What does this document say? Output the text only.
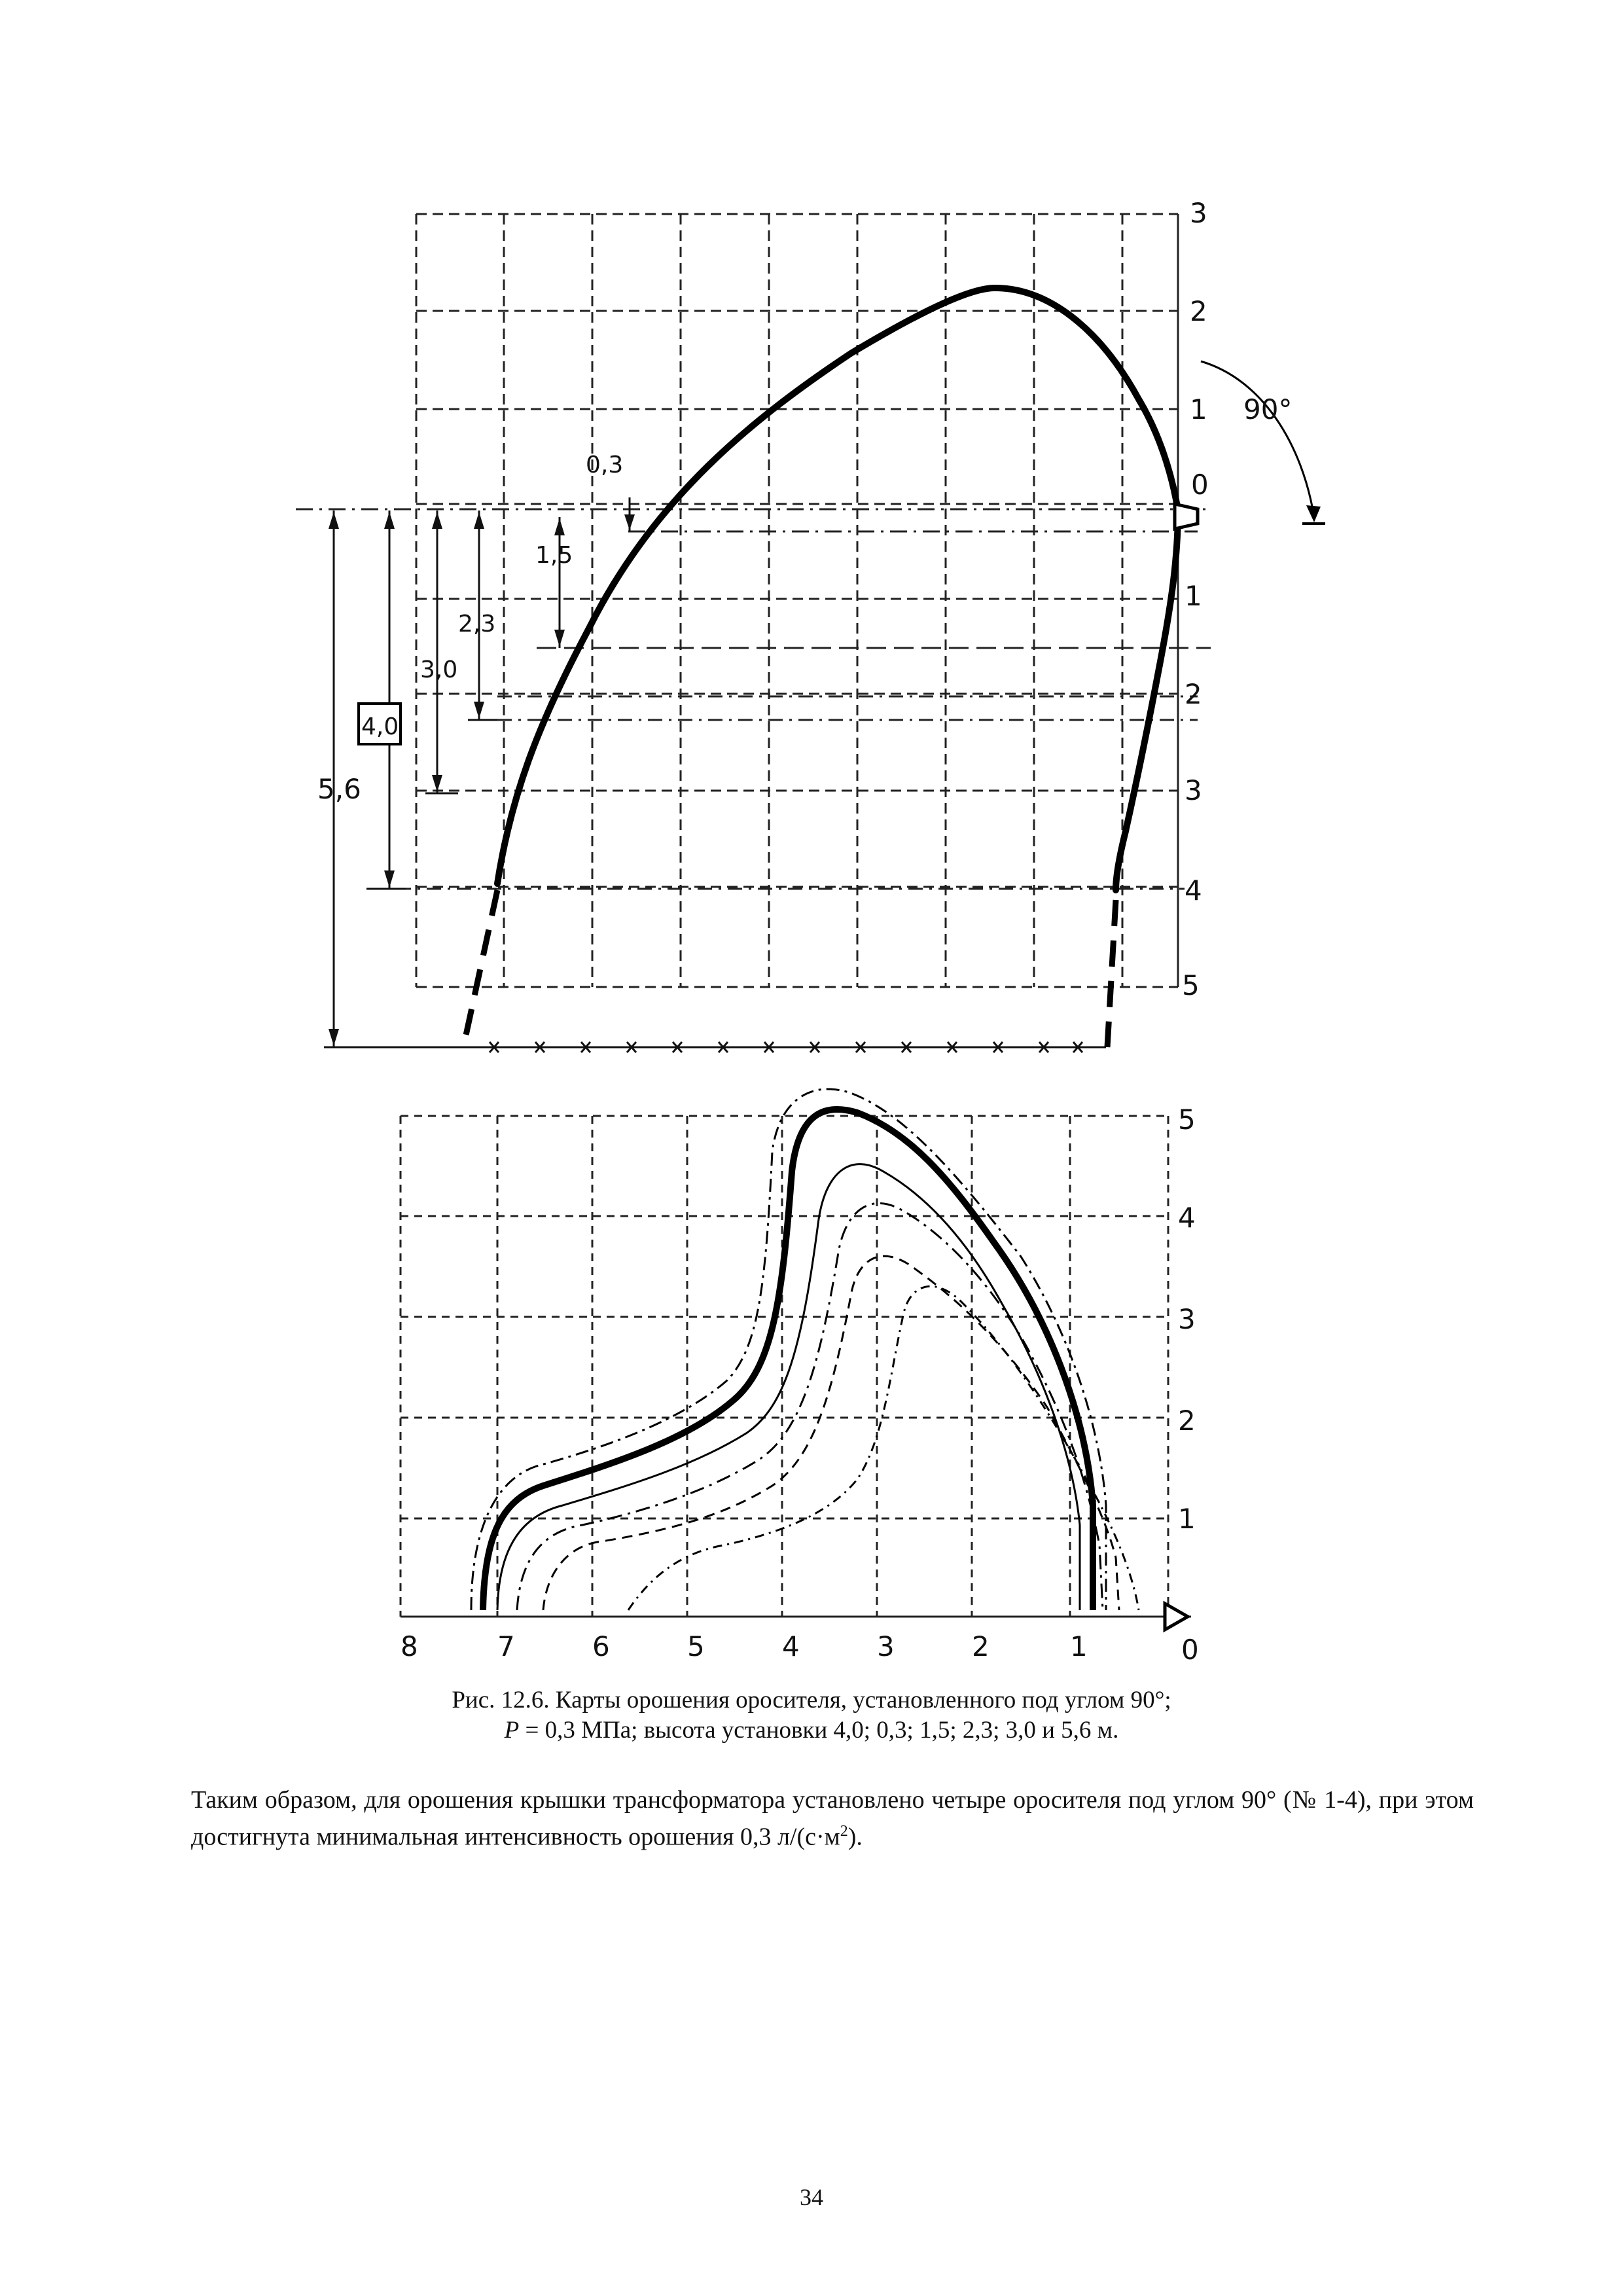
3
2
1
0
1
2
3
4
5
90°
0,3
1,5
2,3
3,0
4,0
5,6
5
4
3
2
1
8	7	6	5	4	3	2	1	0
Рис. 12.6. Карты орошения оросителя, установленного под углом 90°;
P = 0,3 МПа; высота установки 4,0; 0,3; 1,5; 2,3; 3,0 и 5,6 м.
Таким образом, для орошения крышки трансформатора установлено четыре оросителя под углом 90° (№ 1-4), при этом достигнута минимальная интенсивность орошения 0,3 $л/(с\cdot м^2)$.
34
